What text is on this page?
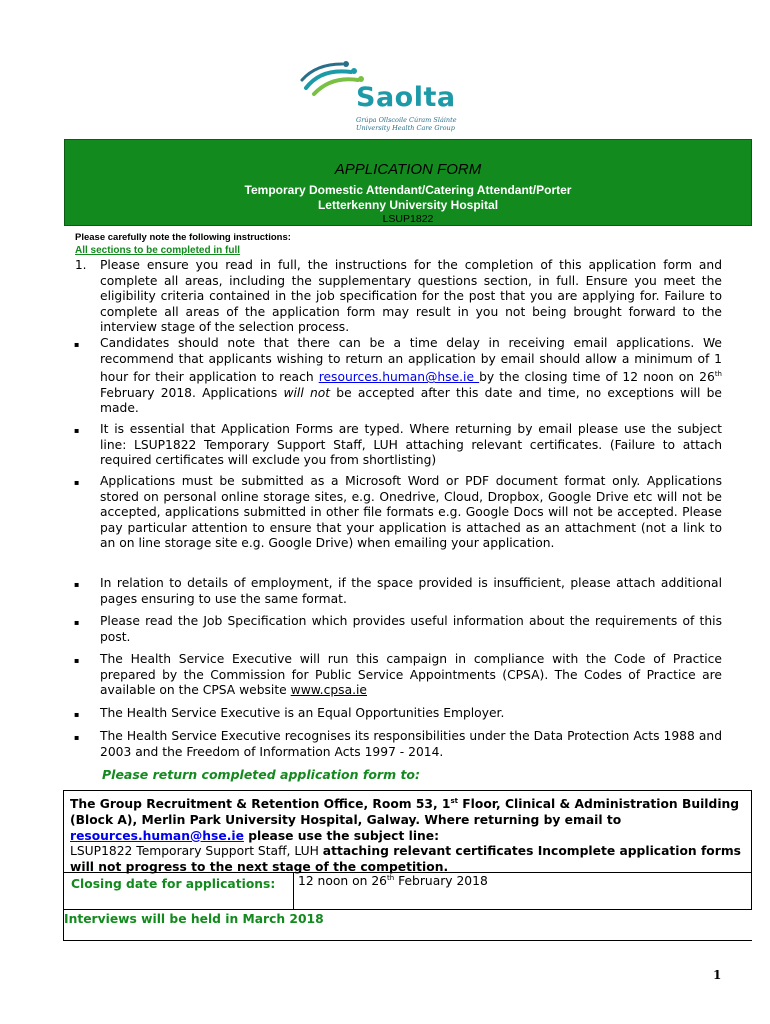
Saolta
Grúpa Ollscoile Cúram Sláinte
University Health Care Group
APPLICATION FORM
Temporary Domestic Attendant/Catering Attendant/Porter
Letterkenny University Hospital
LSUP1822
Please carefully note the following instructions:
All sections to be completed in full
1. Please ensure you read in full, the instructions for the completion of this application form and complete all areas, including the supplementary questions section, in full. Ensure you meet the eligibility criteria contained in the job specification for the post that you are applying for. Failure to complete all areas of the application form may result in you not being brought forward to the interview stage of the selection process.
▪ Candidates should note that there can be a time delay in receiving email applications. We recommend that applicants wishing to return an application by email should allow a minimum of 1 hour for their application to reach resources.human@hse.ie by the closing time of 12 noon on 26th February 2018. Applications will not be accepted after this date and time, no exceptions will be made.
▪ It is essential that Application Forms are typed. Where returning by email please use the subject line: LSUP1822 Temporary Support Staff, LUH attaching relevant certificates. (Failure to attach required certificates will exclude you from shortlisting)
▪ Applications must be submitted as a Microsoft Word or PDF document format only. Applications stored on personal online storage sites, e.g. Onedrive, Cloud, Dropbox, Google Drive etc will not be accepted, applications submitted in other file formats e.g. Google Docs will not be accepted. Please pay particular attention to ensure that your application is attached as an attachment (not a link to an on line storage site e.g. Google Drive) when emailing your application.
▪ In relation to details of employment, if the space provided is insufficient, please attach additional pages ensuring to use the same format.
▪ Please read the Job Specification which provides useful information about the requirements of this post.
▪ The Health Service Executive will run this campaign in compliance with the Code of Practice prepared by the Commission for Public Service Appointments (CPSA). The Codes of Practice are available on the CPSA website www.cpsa.ie
▪ The Health Service Executive is an Equal Opportunities Employer.
▪ The Health Service Executive recognises its responsibilities under the Data Protection Acts 1988 and 2003 and the Freedom of Information Acts 1997 - 2014.
Please return completed application form to:
The Group Recruitment & Retention Office, Room 53, 1st Floor, Clinical & Administration Building (Block A), Merlin Park University Hospital, Galway. Where returning by email to resources.human@hse.ie please use the subject line:
LSUP1822 Temporary Support Staff, LUH attaching relevant certificates Incomplete application forms will not progress to the next stage of the competition.
Closing date for applications:	12 noon on 26th February 2018
Interviews will be held in March 2018
1
